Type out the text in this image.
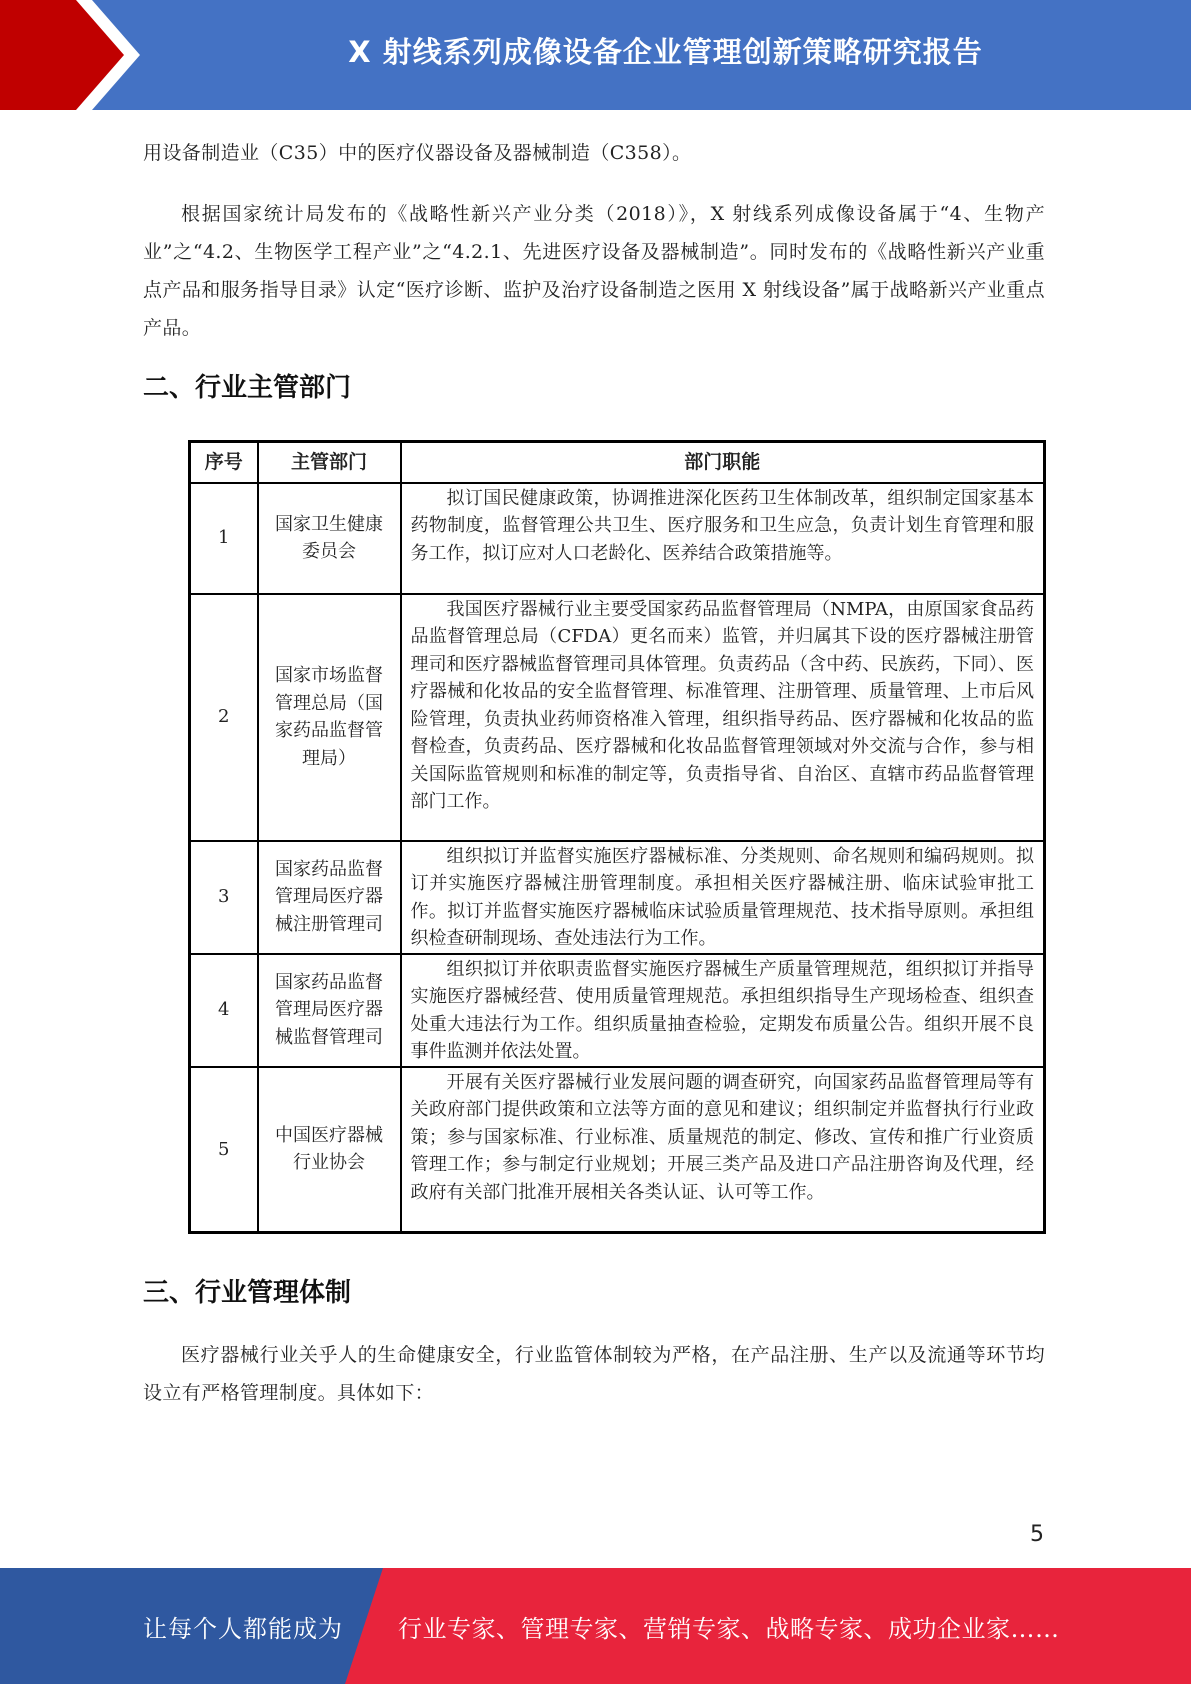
X 射线系列成像设备企业管理创新策略研究报告

用设备制造业（C35）中的医疗仪器设备及器械制造（C358）。

根据国家统计局发布的《战略性新兴产业分类（2018）》，X 射线系列成像设备属于“4、生物产业”之“4.2、生物医学工程产业”之“4.2.1、先进医疗设备及器械制造”。同时发布的《战略性新兴产业重点产品和服务指导目录》认定“医疗诊断、监护及治疗设备制造之医用 X 射线设备”属于战略新兴产业重点产品。

二、行业主管部门
序号	主管部门	部门职能
1	国家卫生健康委员会	拟订国民健康政策，协调推进深化医药卫生体制改革，组织制定国家基本药物制度，监督管理公共卫生、医疗服务和卫生应急，负责计划生育管理和服务工作，拟订应对人口老龄化、医养结合政策措施等。
2	国家市场监督管理总局（国家药品监督管理局）	我国医疗器械行业主要受国家药品监督管理局（NMPA，由原国家食品药品监督管理总局（CFDA）更名而来）监管，并归属其下设的医疗器械注册管理司和医疗器械监督管理司具体管理。负责药品（含中药、民族药，下同）、医疗器械和化妆品的安全监督管理、标准管理、注册管理、质量管理、上市后风险管理，负责执业药师资格准入管理，组织指导药品、医疗器械和化妆品的监督检查，负责药品、医疗器械和化妆品监督管理领域对外交流与合作，参与相关国际监管规则和标准的制定等，负责指导省、自治区、直辖市药品监督管理部门工作。
3	国家药品监督管理局医疗器械注册管理司	组织拟订并监督实施医疗器械标准、分类规则、命名规则和编码规则。拟订并实施医疗器械注册管理制度。承担相关医疗器械注册、临床试验审批工作。拟订并监督实施医疗器械临床试验质量管理规范、技术指导原则。承担组织检查研制现场、查处违法行为工作。
4	国家药品监督管理局医疗器械监督管理司	组织拟订并依职责监督实施医疗器械生产质量管理规范，组织拟订并指导实施医疗器械经营、使用质量管理规范。承担组织指导生产现场检查、组织查处重大违法行为工作。组织质量抽查检验，定期发布质量公告。组织开展不良事件监测并依法处置。
5	中国医疗器械行业协会	开展有关医疗器械行业发展问题的调查研究，向国家药品监督管理局等有关政府部门提供政策和立法等方面的意见和建议；组织制定并监督执行行业政策；参与国家标准、行业标准、质量规范的制定、修改、宣传和推广行业资质管理工作；参与制定行业规划；开展三类产品及进口产品注册咨询及代理，经政府有关部门批准开展相关各类认证、认可等工作。
三、行业管理体制

医疗器械行业关乎人的生命健康安全，行业监管体制较为严格，在产品注册、生产以及流通等环节均设立有严格管理制度。具体如下：

5
让每个人都能成为 行业专家、管理专家、营销专家、战略专家、成功企业家……
